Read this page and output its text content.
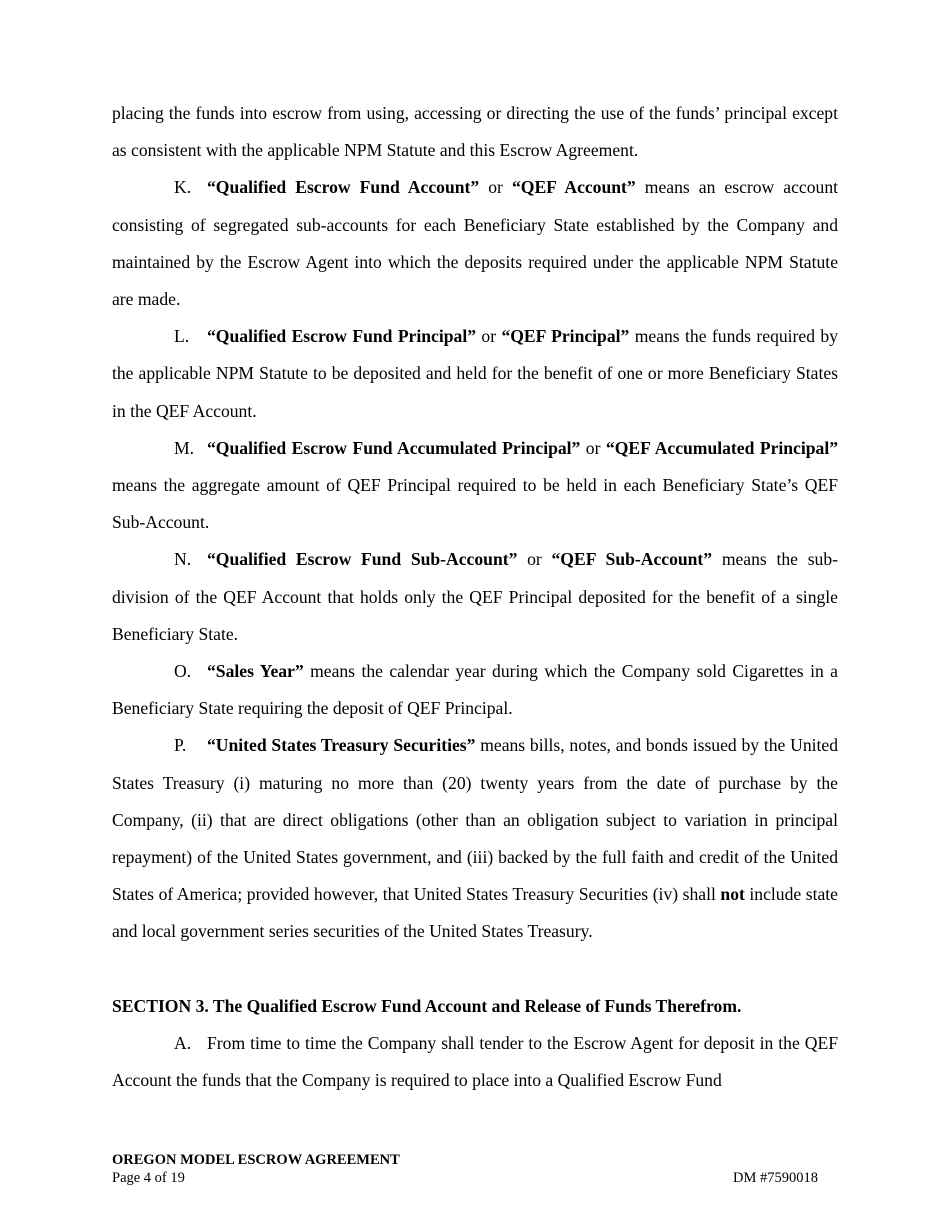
placing the funds into escrow from using, accessing or directing the use of the funds’ principal except as consistent with the applicable NPM Statute and this Escrow Agreement.

K. “Qualified Escrow Fund Account” or “QEF Account” means an escrow account consisting of segregated sub-accounts for each Beneficiary State established by the Company and maintained by the Escrow Agent into which the deposits required under the applicable NPM Statute are made.

L. “Qualified Escrow Fund Principal” or “QEF Principal” means the funds required by the applicable NPM Statute to be deposited and held for the benefit of one or more Beneficiary States in the QEF Account.

M. “Qualified Escrow Fund Accumulated Principal” or “QEF Accumulated Principal” means the aggregate amount of QEF Principal required to be held in each Beneficiary State’s QEF Sub-Account.

N. “Qualified Escrow Fund Sub-Account” or “QEF Sub-Account” means the sub-division of the QEF Account that holds only the QEF Principal deposited for the benefit of a single Beneficiary State.

O. “Sales Year” means the calendar year during which the Company sold Cigarettes in a Beneficiary State requiring the deposit of QEF Principal.

P. “United States Treasury Securities” means bills, notes, and bonds issued by the United States Treasury (i) maturing no more than (20) twenty years from the date of purchase by the Company, (ii) that are direct obligations (other than an obligation subject to variation in principal repayment) of the United States government, and (iii) backed by the full faith and credit of the United States of America; provided however, that United States Treasury Securities (iv) shall not include state and local government series securities of the United States Treasury.

SECTION 3. The Qualified Escrow Fund Account and Release of Funds Therefrom.

A. From time to time the Company shall tender to the Escrow Agent for deposit in the QEF Account the funds that the Company is required to place into a Qualified Escrow Fund

OREGON MODEL ESCROW AGREEMENT
Page 4 of 19	DM #7590018
